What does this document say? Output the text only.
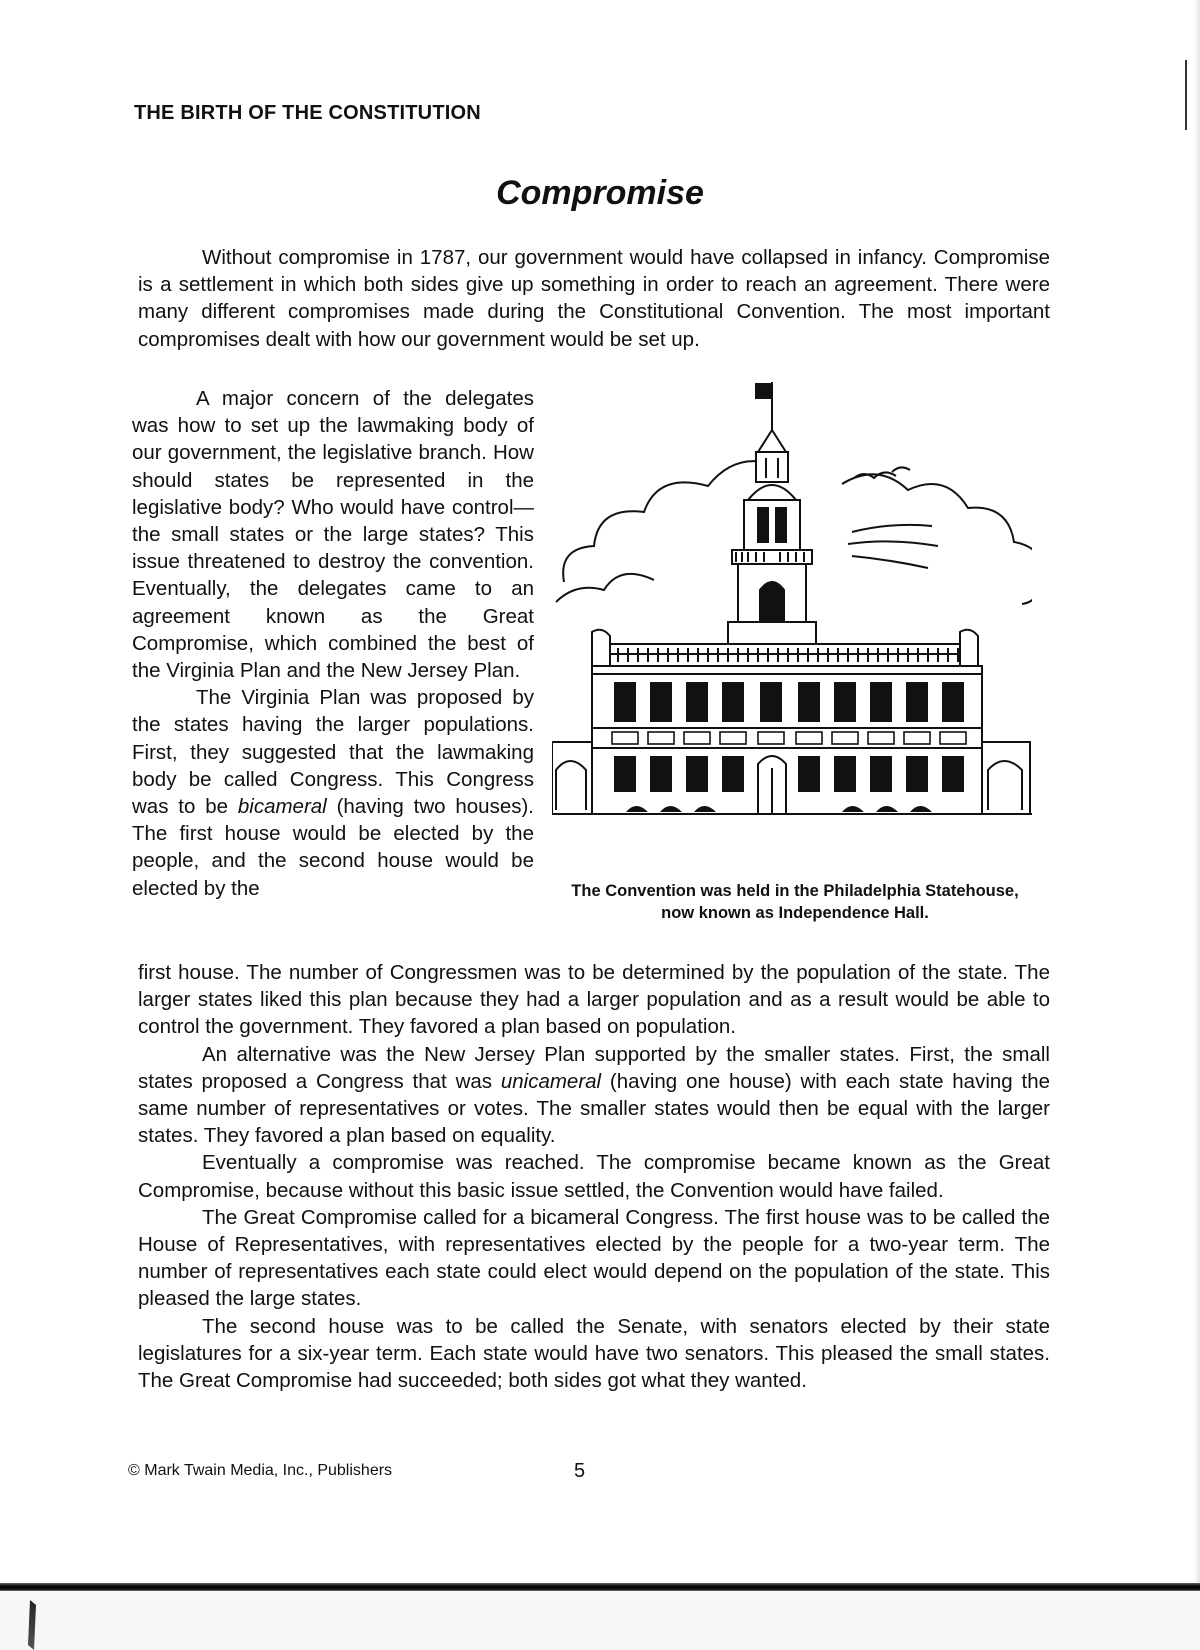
THE BIRTH OF THE CONSTITUTION
Compromise

Without compromise in 1787, our government would have collapsed in infancy. Compromise is a settlement in which both sides give up something in order to reach an agreement. There were many different compromises made during the Constitutional Convention. The most important compromises dealt with how our government would be set up.

A major concern of the delegates was how to set up the lawmaking body of our government, the legislative branch. How should states be represented in the legislative body? Who would have control—the small states or the large states? This issue threatened to destroy the convention. Eventually, the delegates came to an agreement known as the Great Compromise, which combined the best of the Virginia Plan and the New Jersey Plan.

The Virginia Plan was proposed by the states having the larger populations. First, they suggested that the lawmaking body be called Congress. This Congress was to be bicameral (having two houses). The first house would be elected by the people, and the second house would be elected by the	The Convention was held in the Philadelphia Statehouse, now known as Independence Hall.

first house. The number of Congressmen was to be determined by the population of the state. The larger states liked this plan because they had a larger population and as a result would be able to control the government. They favored a plan based on population.

An alternative was the New Jersey Plan supported by the smaller states. First, the small states proposed a Congress that was unicameral (having one house) with each state having the same number of representatives or votes. The smaller states would then be equal with the larger states. They favored a plan based on equality.

Eventually a compromise was reached. The compromise became known as the Great Compromise, because without this basic issue settled, the Convention would have failed.

The Great Compromise called for a bicameral Congress. The first house was to be called the House of Representatives, with representatives elected by the people for a two-year term. The number of representatives each state could elect would depend on the population of the state. This pleased the large states.

The second house was to be called the Senate, with senators elected by their state legislatures for a six-year term. Each state would have two senators. This pleased the small states. The Great Compromise had succeeded; both sides got what they wanted.

© Mark Twain Media, Inc., Publishers	5
